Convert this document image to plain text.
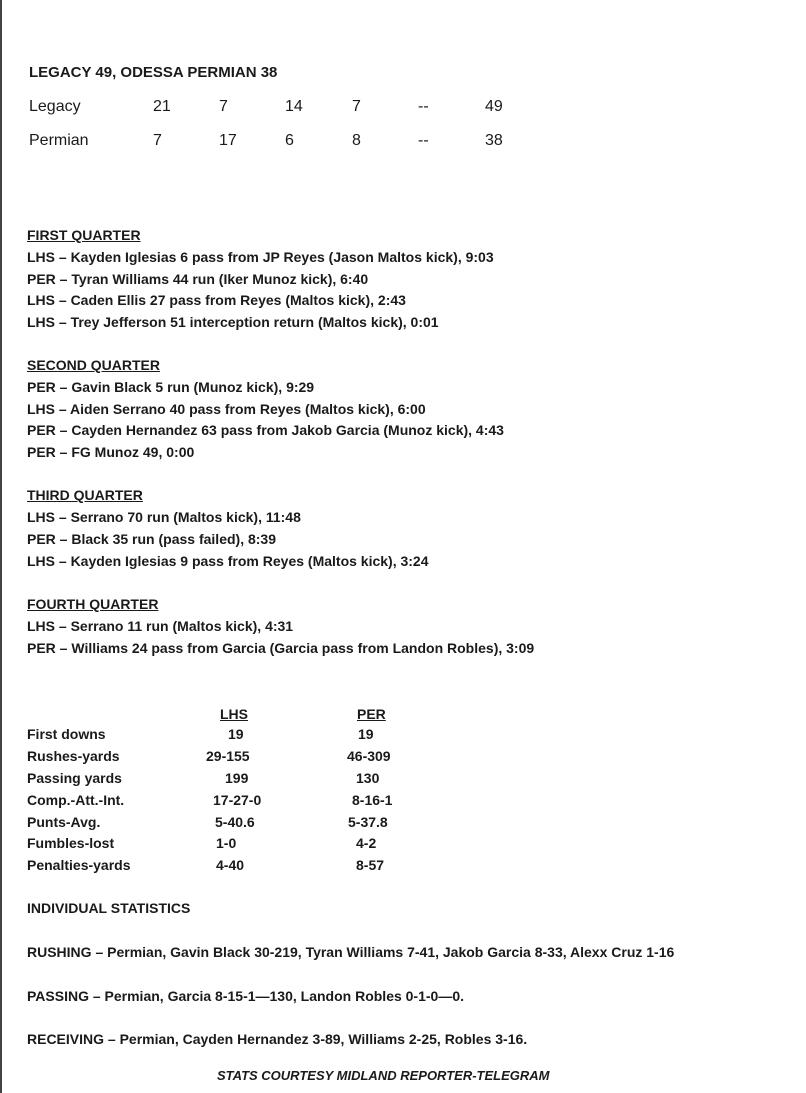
LEGACY 49, ODESSA PERMIAN 38
Legacy	21	7	14	7	--	49
Permian	7	17	6	8	--	38
FIRST QUARTER
LHS – Kayden Iglesias 6 pass from JP Reyes (Jason Maltos kick), 9:03
PER – Tyran Williams 44 run (Iker Munoz kick), 6:40
LHS – Caden Ellis 27 pass from Reyes (Maltos kick), 2:43
LHS – Trey Jefferson 51 interception return (Maltos kick), 0:01
SECOND QUARTER
PER – Gavin Black 5 run (Munoz kick), 9:29
LHS – Aiden Serrano 40 pass from Reyes (Maltos kick), 6:00
PER – Cayden Hernandez 63 pass from Jakob Garcia (Munoz kick), 4:43
PER – FG Munoz 49, 0:00
THIRD QUARTER
LHS – Serrano 70 run (Maltos kick), 11:48
PER – Black 35 run (pass failed), 8:39
LHS – Kayden Iglesias 9 pass from Reyes (Maltos kick), 3:24
FOURTH QUARTER
LHS – Serrano 11 run (Maltos kick), 4:31
PER – Williams 24 pass from Garcia (Garcia pass from Landon Robles), 3:09
LHS	PER
First downs	19	19
Rushes-yards	29-155	46-309
Passing yards	199	130
Comp.-Att.-Int.	17-27-0	8-16-1
Punts-Avg.	5-40.6	5-37.8
Fumbles-lost	1-0	4-2
Penalties-yards	4-40	8-57
INDIVIDUAL STATISTICS
RUSHING – Permian, Gavin Black 30-219, Tyran Williams 7-41, Jakob Garcia 8-33, Alexx Cruz 1-16
PASSING – Permian, Garcia 8-15-1—130, Landon Robles 0-1-0—0.
RECEIVING – Permian, Cayden Hernandez 3-89, Williams 2-25, Robles 3-16.
STATS COURTESY MIDLAND REPORTER-TELEGRAM
